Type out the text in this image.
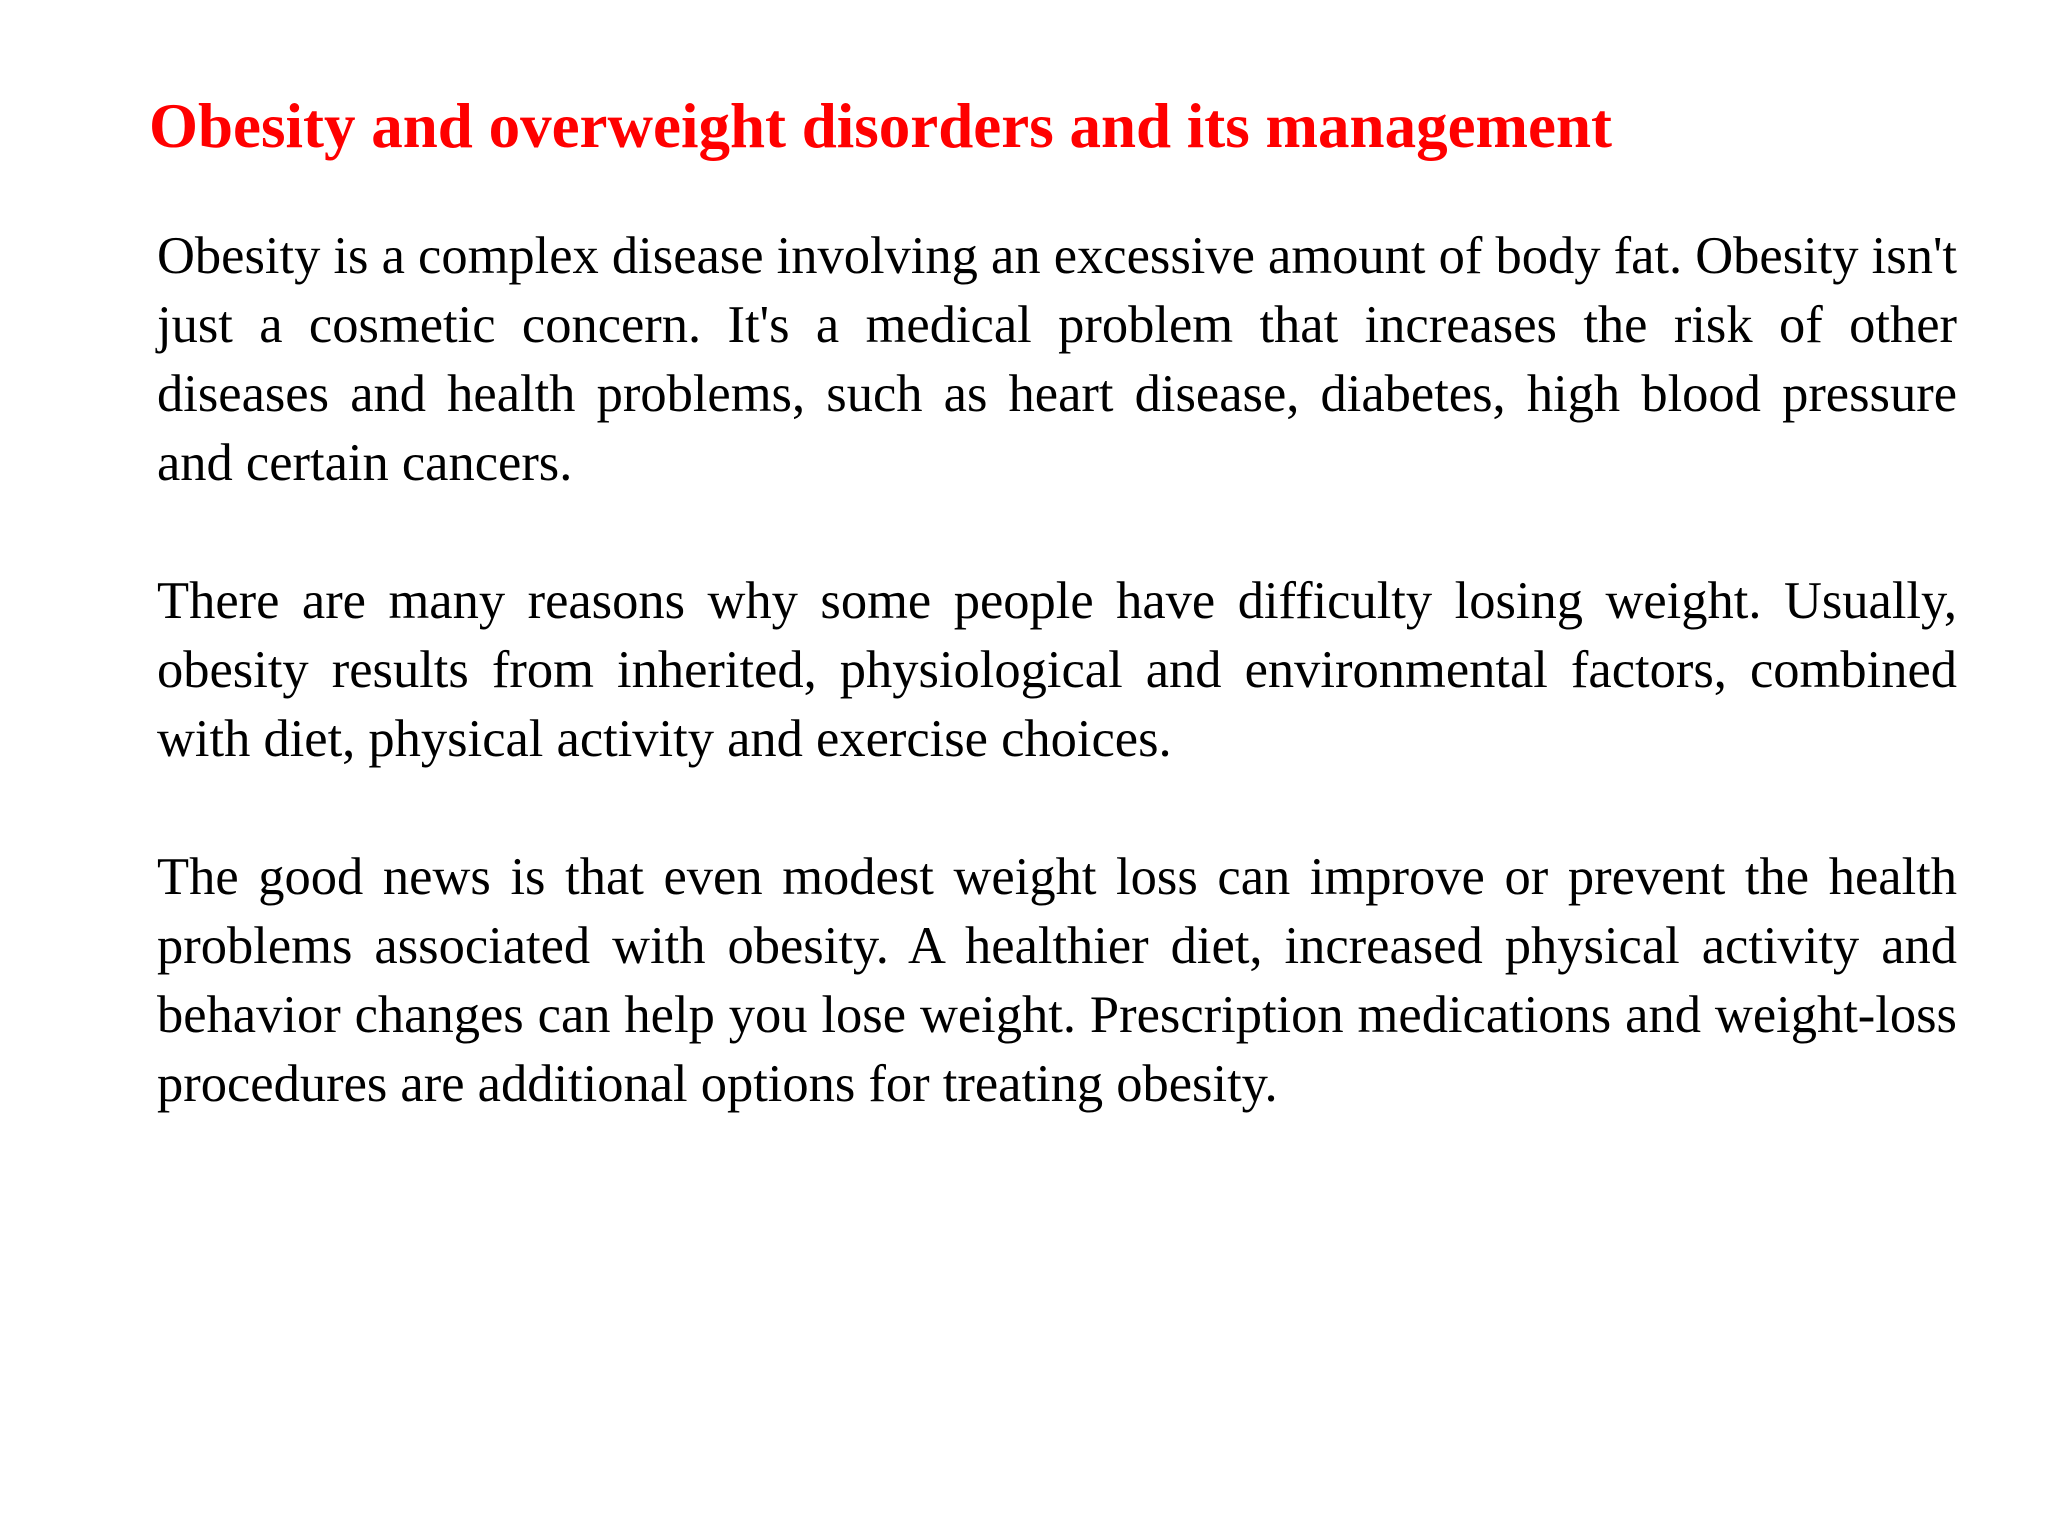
Obesity and overweight disorders and its management

Obesity is a complex disease involving an excessive amount of body fat. Obesity isn't just a cosmetic concern. It's a medical problem that increases the risk of other diseases and health problems, such as heart disease, diabetes, high blood pressure and certain cancers.

There are many reasons why some people have difficulty losing weight. Usually, obesity results from inherited, physiological and environmental factors, combined with diet, physical activity and exercise choices.

The good news is that even modest weight loss can improve or prevent the health problems associated with obesity. A healthier diet, increased physical activity and behavior changes can help you lose weight. Prescription medications and weight-loss procedures are additional options for treating obesity.
